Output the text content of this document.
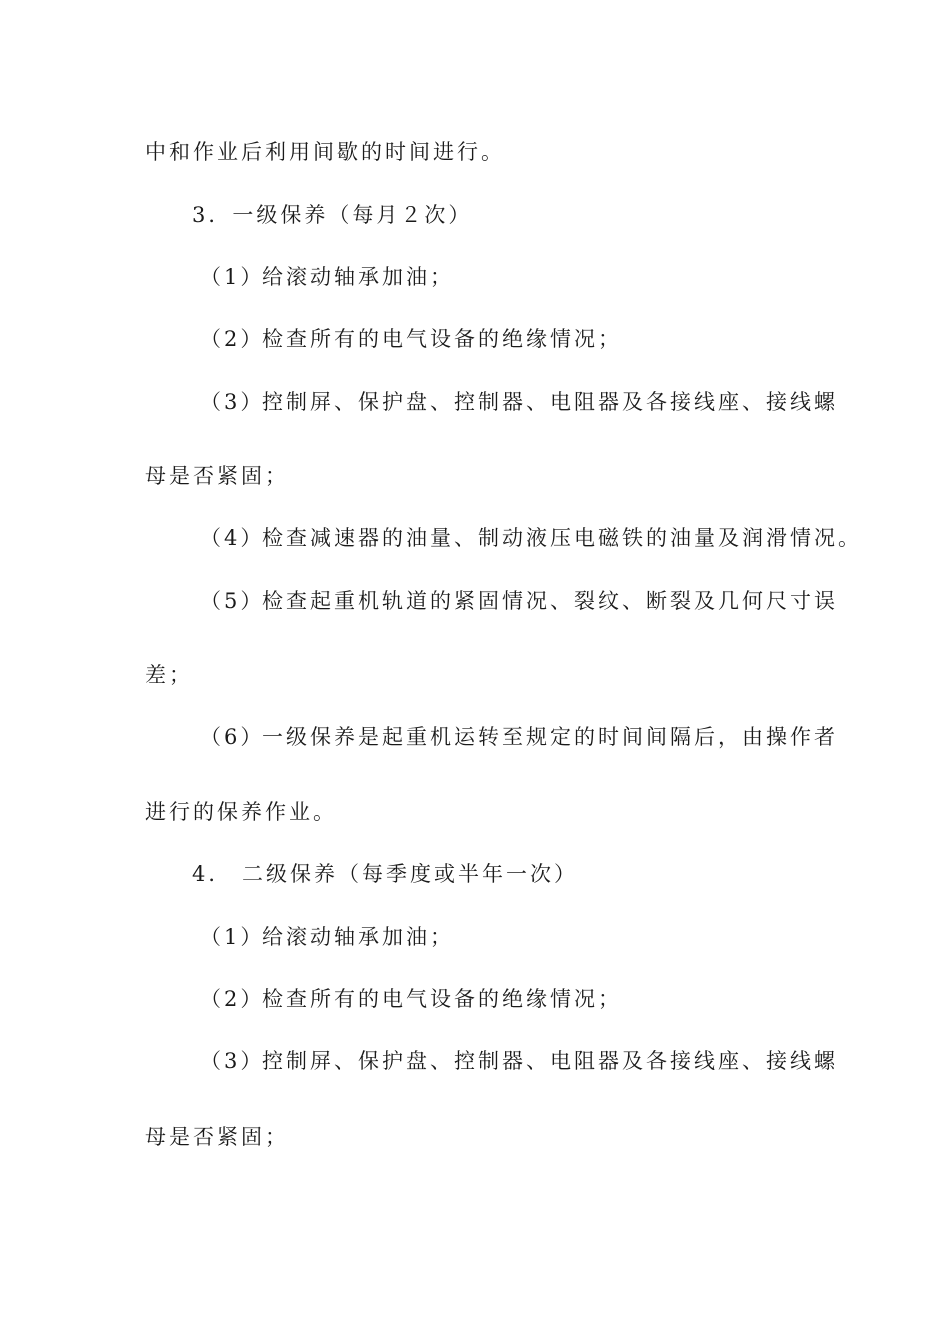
中和作业后利用间歇的时间进行。
3．一级保养（每月２次）
（1）给滚动轴承加油；
（2）检查所有的电气设备的绝缘情况；
（3）控制屏、保护盘、控制器、电阻器及各接线座、接线螺
母是否紧固；
（4）检查减速器的油量、制动液压电磁铁的油量及润滑情况。
（5）检查起重机轨道的紧固情况、裂纹、断裂及几何尺寸误
差；
（6）一级保养是起重机运转至规定的时间间隔后，由操作者
进行的保养作业。
4． 二级保养（每季度或半年一次）
（1）给滚动轴承加油；
（2）检查所有的电气设备的绝缘情况；
（3）控制屏、保护盘、控制器、电阻器及各接线座、接线螺
母是否紧固；
